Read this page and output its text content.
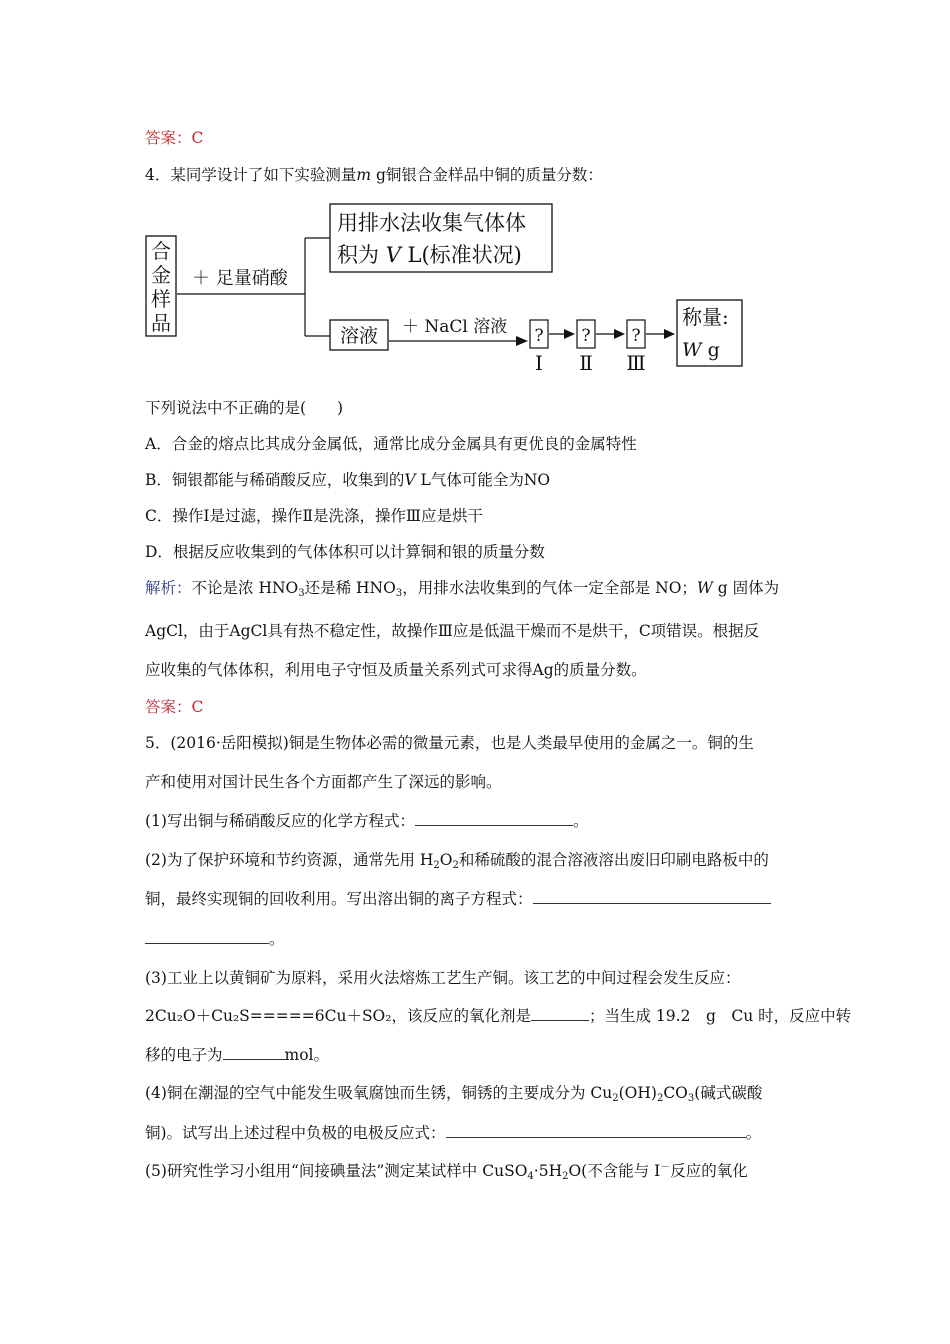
答案：C
4．某同学设计了如下实验测量m g铜银合金样品中铜的质量分数：
合
金
样
品
＋ 足量硝酸
用排水法收集气体体
积为 V L(标准状况)
溶液 ＋ NaCl 溶液 ? ? ?
Ⅰ Ⅱ Ⅲ
称量:
W g
下列说法中不正确的是(　　)
A．合金的熔点比其成分金属低，通常比成分金属具有更优良的金属特性
B．铜银都能与稀硝酸反应，收集到的V L气体可能全为NO
C．操作Ⅰ是过滤，操作Ⅱ是洗涤，操作Ⅲ应是烘干
D．根据反应收集到的气体体积可以计算铜和银的质量分数
解析：不论是浓 $HNO_3$还是稀 $HNO_3$，用排水法收集到的气体一定全部是 NO；W g 固体为
AgCl，由于AgCl具有热不稳定性，故操作Ⅲ应是低温干燥而不是烘干，C项错误。根据反
应收集的气体体积，利用电子守恒及质量关系列式可求得Ag的质量分数。
答案：C
5．(2016·岳阳模拟)铜是生物体必需的微量元素，也是人类最早使用的金属之一。铜的生
产和使用对国计民生各个方面都产生了深远的影响。
(1)写出铜与稀硝酸反应的化学方程式：	。
(2)为了保护环境和节约资源，通常先用 $H_2O_2$和稀硫酸的混合溶液溶出废旧印刷电路板中的
铜，最终实现铜的回收利用。写出溶出铜的离子方程式：
。
(3)工业上以黄铜矿为原料，采用火法熔炼工艺生产铜。该工艺的中间过程会发生反应：
2Cu₂O＋Cu₂S=====6Cu＋SO₂，该反应的氧化剂是	；当生成 19.2　g　Cu 时，反应中转
移的电子为	mol。
(4)铜在潮湿的空气中能发生吸氧腐蚀而生锈，铜锈的主要成分为 $Cu_2(OH)_2CO_3$(碱式碳酸
铜)。试写出上述过程中负极的电极反应式：	。
(5)研究性学习小组用“间接碘量法”测定某试样中 $CuSO_4\cdot 5H_2O$(不含能与 I－反应的氧化
